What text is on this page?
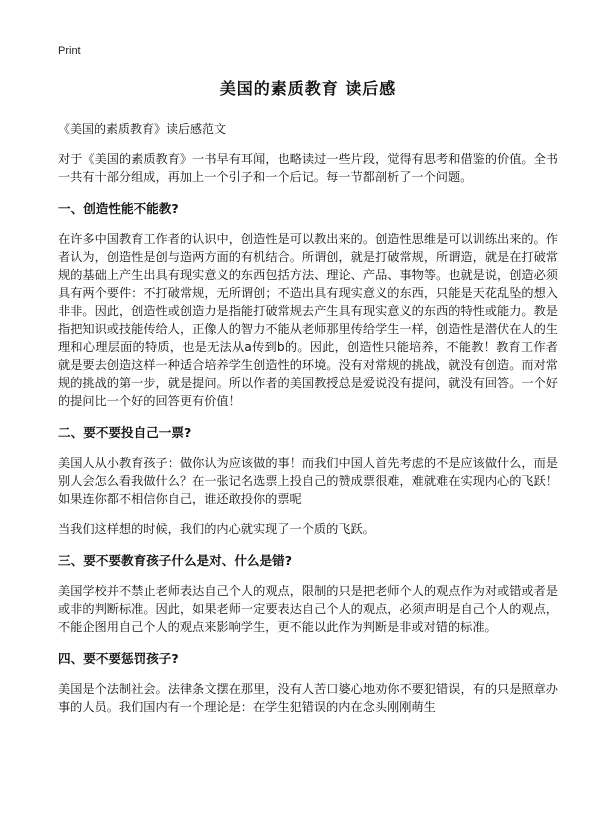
Print
美国的素质教育 读后感
《美国的素质教育》读后感范文

对于《美国的素质教育》一书早有耳闻，也略读过一些片段，觉得有思考和借鉴的价值。全书一共有十部分组成，再加上一个引子和一个后记。每一节都剖析了一个问题。

一、创造性能不能教?

在许多中国教育工作者的认识中，创造性是可以教出来的。创造性思维是可以训练出来的。作者认为，创造性是创与造两方面的有机结合。所谓创，就是打破常规，所谓造，就是在打破常规的基础上产生出具有现实意义的东西包括方法、理论、产品、事物等。也就是说，创造必须具有两个要件：不打破常规，无所谓创；不造出具有现实意义的东西，只能是天花乱坠的想入非非。因此，创造性或创造力是指能打破常规去产生具有现实意义的东西的特性或能力。教是指把知识或技能传给人，正像人的智力不能从老师那里传给学生一样，创造性是潜伏在人的生理和心理层面的特质，也是无法从a传到b的。因此，创造性只能培养，不能教！教育工作者就是要去创造这样一种适合培养学生创造性的环境。没有对常规的挑战，就没有创造。而对常规的挑战的第一步，就是提问。所以作者的美国教授总是爱说没有提问，就没有回答。一个好的提问比一个好的回答更有价值！

二、要不要投自己一票?

美国人从小教育孩子：做你认为应该做的事！而我们中国人首先考虑的不是应该做什么，而是别人会怎么看我做什么？在一张记名选票上投自己的赞成票很难，难就难在实现内心的飞跃！如果连你都不相信你自己，谁还敢投你的票呢

当我们这样想的时候，我们的内心就实现了一个质的飞跃。

三、要不要教育孩子什么是对、什么是错?

美国学校并不禁止老师表达自己个人的观点，限制的只是把老师个人的观点作为对或错或者是或非的判断标准。因此，如果老师一定要表达自己个人的观点，必须声明是自己个人的观点，不能企图用自己个人的观点来影响学生，更不能以此作为判断是非或对错的标准。

四、要不要惩罚孩子?

美国是个法制社会。法律条文摆在那里，没有人苦口婆心地劝你不要犯错误，有的只是照章办事的人员。我们国内有一个理论是：在学生犯错误的内在念头刚刚萌生
